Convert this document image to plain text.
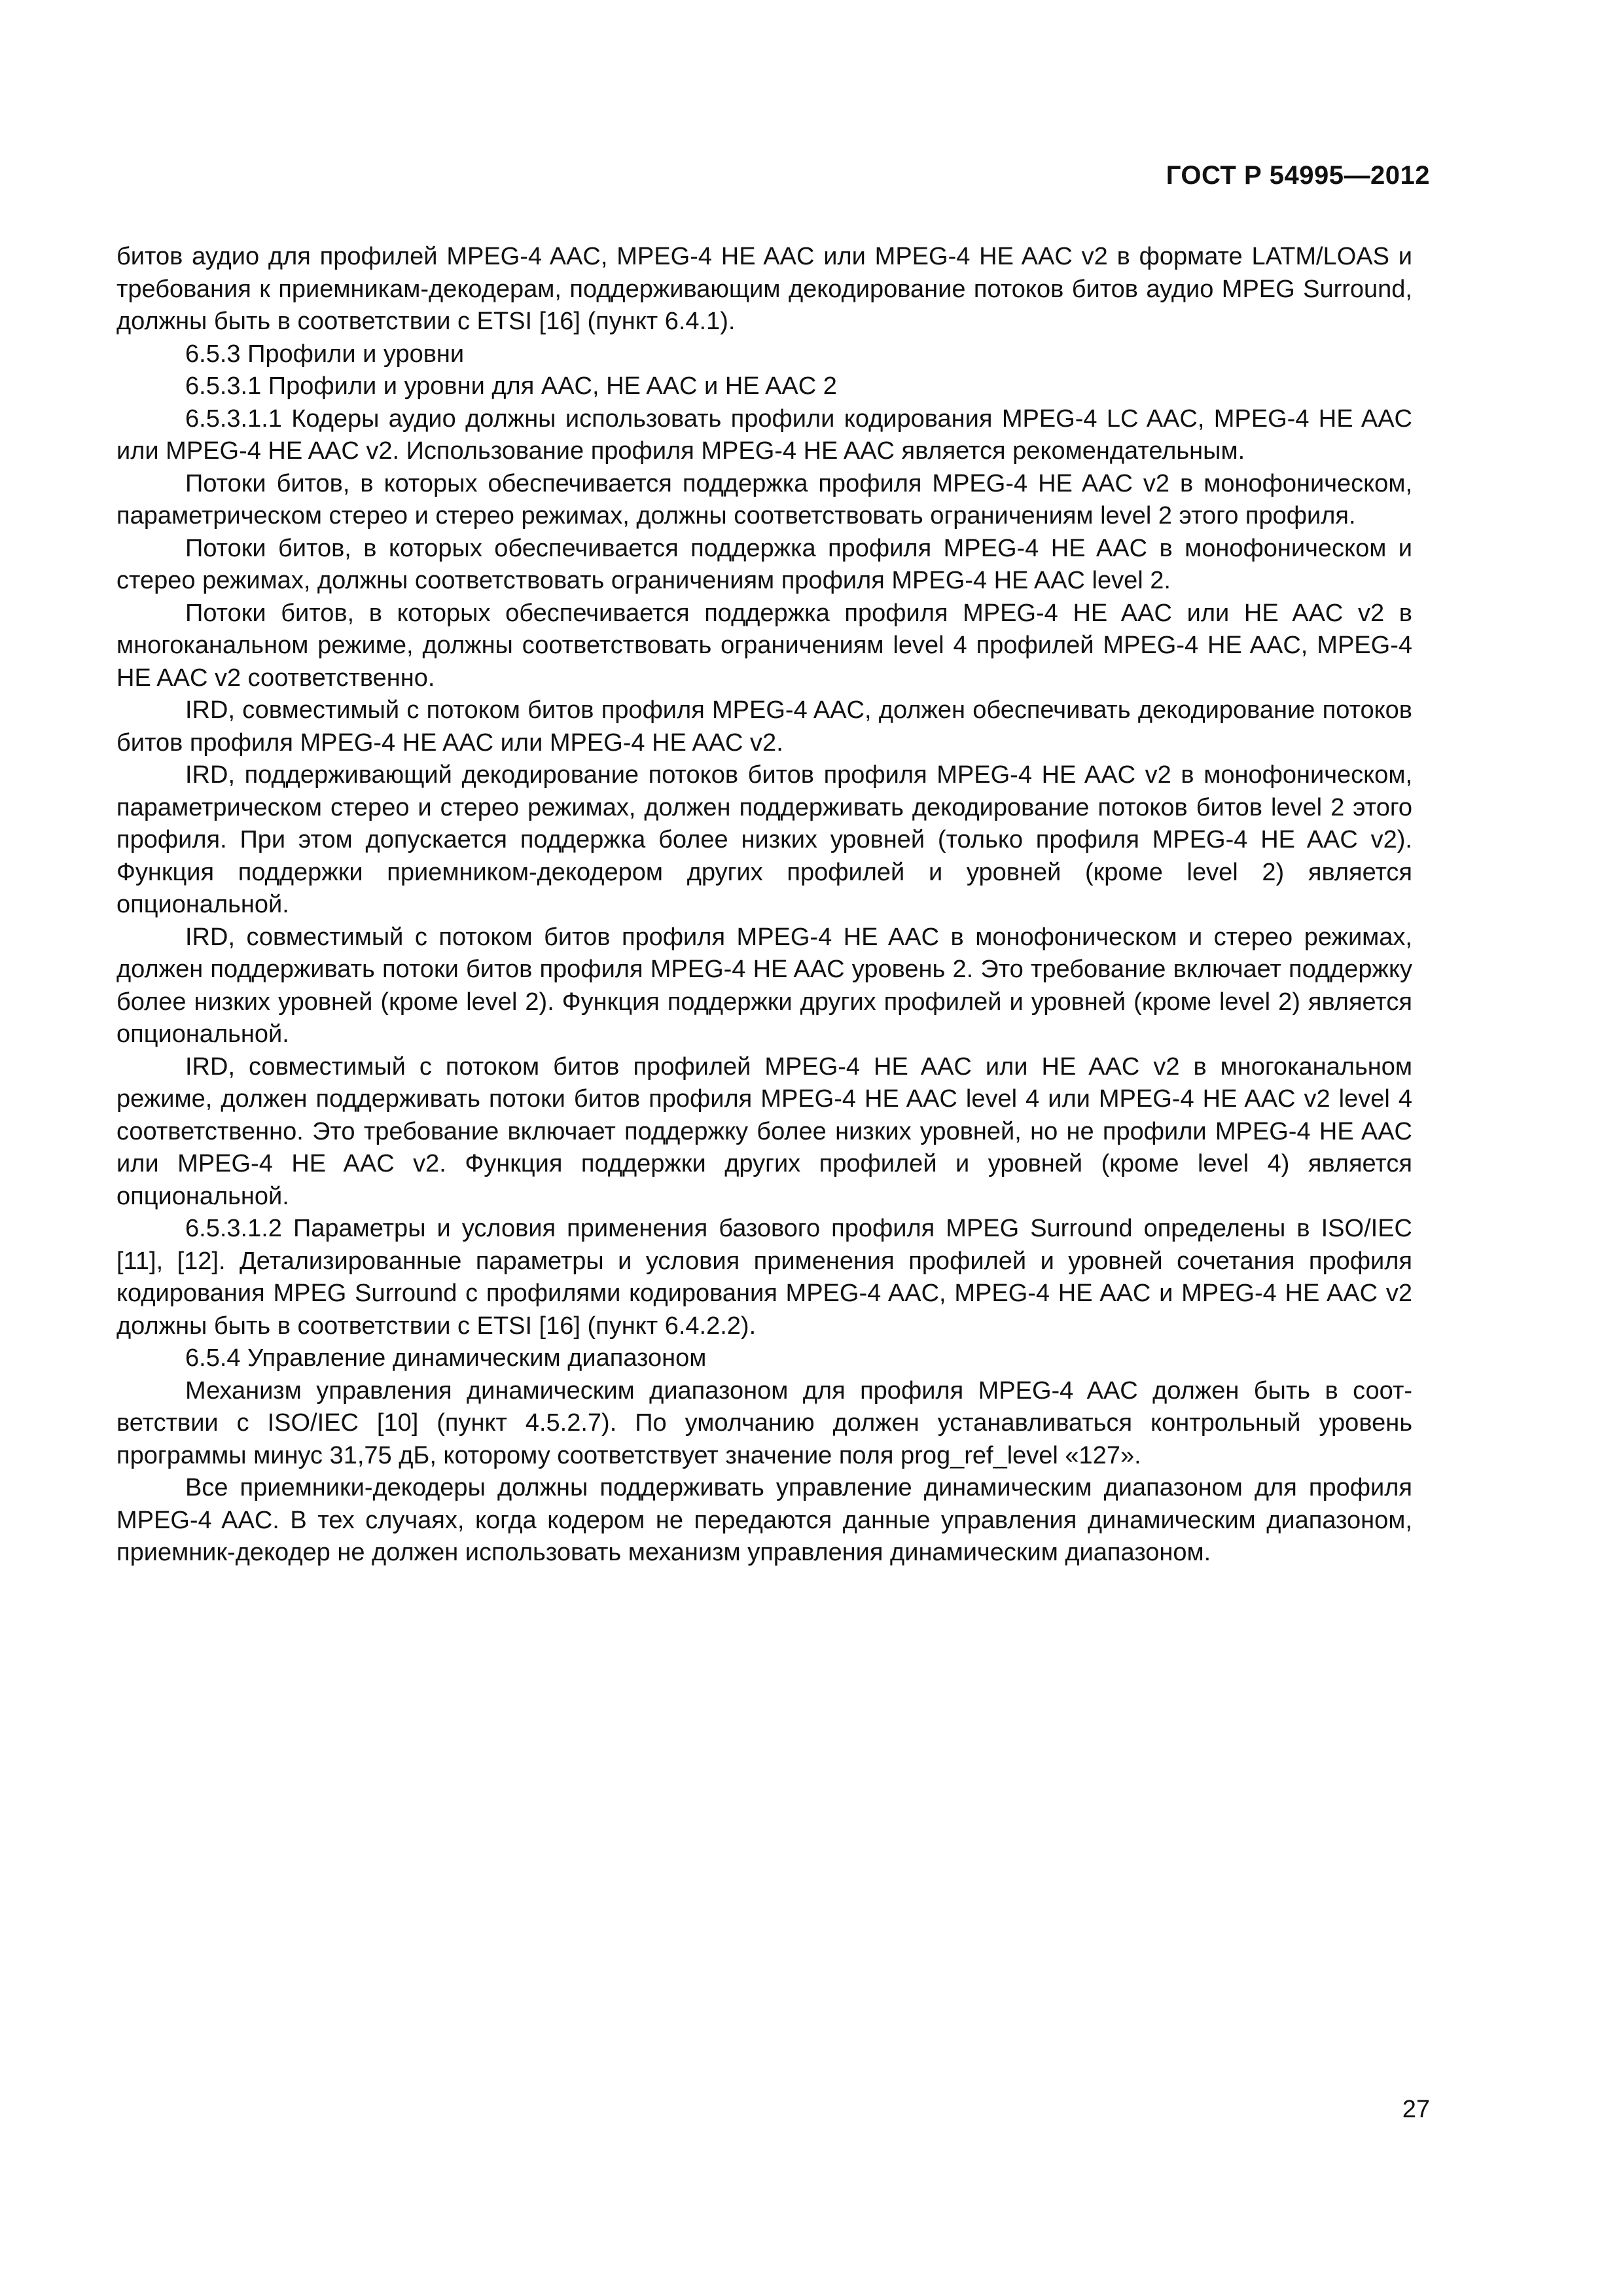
ГОСТ Р 54995—2012

битов аудио для профилей MPEG-4 AAC, MPEG-4 HE AAC или MPEG-4 HE AAC v2 в формате LATM/LOAS и требования к приемникам-декодерам, поддерживающим декодирование потоков битов аудио MPEG Surround, должны быть в соответствии с ETSI [16] (пункт 6.4.1).

6.5.3 Профили и уровни

6.5.3.1 Профили и уровни для AAC, HE AAC и HE AAC 2

6.5.3.1.1 Кодеры аудио должны использовать профили кодирования MPEG-4 LC AAC, MPEG-4 HE AAC или MPEG-4 HE AAC v2. Использование профиля MPEG-4 HE AAC является рекомендательным.

Потоки битов, в которых обеспечивается поддержка профиля MPEG-4 HE AAC v2 в монофоническом, параметрическом стерео и стерео режимах, должны соответствовать ограничениям level 2 этого профиля.

Потоки битов, в которых обеспечивается поддержка профиля MPEG-4 HE AAC в монофоническом и стерео режимах, должны соответствовать ограничениям профиля MPEG-4 HE AAC level 2.

Потоки битов, в которых обеспечивается поддержка профиля MPEG-4 HE AAC или HE AAC v2 в многоканальном режиме, должны соответствовать ограничениям level 4 профилей MPEG-4 HE AAC, MPEG-4 HE AAC v2 соответственно.

IRD, совместимый с потоком битов профиля MPEG-4 AAC, должен обеспечивать декодирование потоков битов профиля MPEG-4 HE AAC или MPEG-4 HE AAC v2.

IRD, поддерживающий декодирование потоков битов профиля MPEG-4 HE AAC v2 в монофоническом, параметрическом стерео и стерео режимах, должен поддерживать декодирование потоков битов level 2 этого профиля. При этом допускается поддержка более низких уровней (только профиля MPEG-4 HE AAC v2). Функция поддержки приемником-декодером других профилей и уровней (кроме level 2) является опциональной.

IRD, совместимый с потоком битов профиля MPEG-4 HE AAC в монофоническом и стерео режимах, должен поддерживать потоки битов профиля MPEG-4 HE AAC уровень 2. Это требование включает поддержку более низких уровней (кроме level 2). Функция поддержки других профилей и уровней (кроме level 2) является опциональной.

IRD, совместимый с потоком битов профилей MPEG-4 HE AAC или HE AAC v2 в многоканальном режиме, должен поддерживать потоки битов профиля MPEG-4 HE AAC level 4 или MPEG-4 HE AAC v2 level 4 соответственно. Это требование включает поддержку более низких уровней, но не профили MPEG-4 HE AAC или MPEG-4 HE AAC v2. Функция поддержки других профилей и уровней (кроме level 4) является опциональной.

6.5.3.1.2 Параметры и условия применения базового профиля MPEG Surround определены в ISO/IEC [11], [12]. Детализированные параметры и условия применения профилей и уровней сочетания профиля кодирования MPEG Surround с профилями кодирования MPEG-4 AAC, MPEG-4 HE AAC и MPEG-4 HE AAC v2 должны быть в соответствии с ETSI [16] (пункт 6.4.2.2).

6.5.4 Управление динамическим диапазоном

Механизм управления динамическим диапазоном для профиля MPEG-4 AAC должен быть в соответствии с ISO/IEC [10] (пункт 4.5.2.7). По умолчанию должен устанавливаться контрольный уровень программы минус 31,75 дБ, которому соответствует значение поля prog_ref_level «127».

Все приемники-декодеры должны поддерживать управление динамическим диапазоном для профиля MPEG-4 AAC. В тех случаях, когда кодером не передаются данные управления динамическим диапазоном, приемник-декодер не должен использовать механизм управления динамическим диапазоном.

27
